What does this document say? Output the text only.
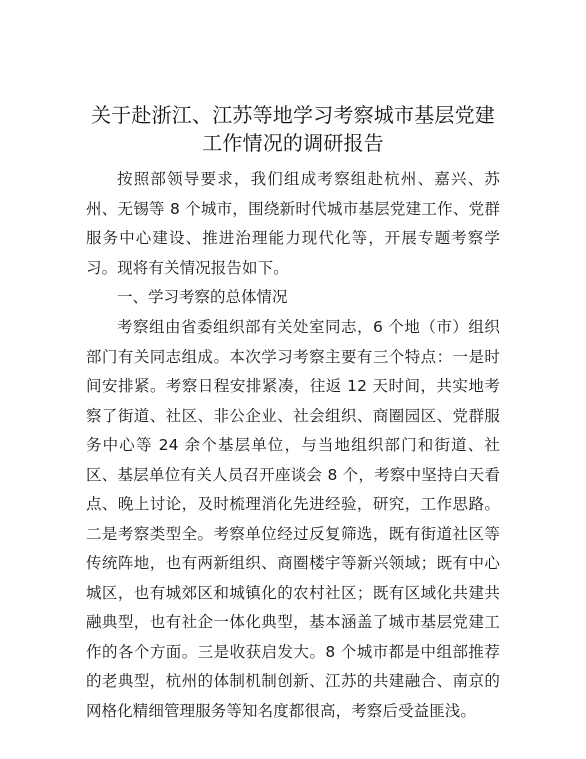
关于赴浙江、江苏等地学习考察城市基层党建
工作情况的调研报告

按照部领导要求，我们组成考察组赴杭州、嘉兴、苏州、无锡等 8 个城市，围绕新时代城市基层党建工作、党群服务中心建设、推进治理能力现代化等，开展专题考察学习。现将有关情况报告如下。

一、学习考察的总体情况

考察组由省委组织部有关处室同志，6 个地（市）组织部门有关同志组成。本次学习考察主要有三个特点：一是时间安排紧。考察日程安排紧凑，往返 12 天时间，共实地考察了街道、社区、非公企业、社会组织、商圈园区、党群服务中心等 24 余个基层单位，与当地组织部门和街道、社区、基层单位有关人员召开座谈会 8 个，考察中坚持白天看点、晚上讨论，及时梳理消化先进经验，研究，工作思路。二是考察类型全。考察单位经过反复筛选，既有街道社区等传统阵地，也有两新组织、商圈楼宇等新兴领域；既有中心城区，也有城郊区和城镇化的农村社区；既有区域化共建共融典型，也有社企一体化典型，基本涵盖了城市基层党建工作的各个方面。三是收获启发大。8 个城市都是中组部推荐的老典型，杭州的体制机制创新、江苏的共建融合、南京的网格化精细管理服务等知名度都很高，考察后受益匪浅。
